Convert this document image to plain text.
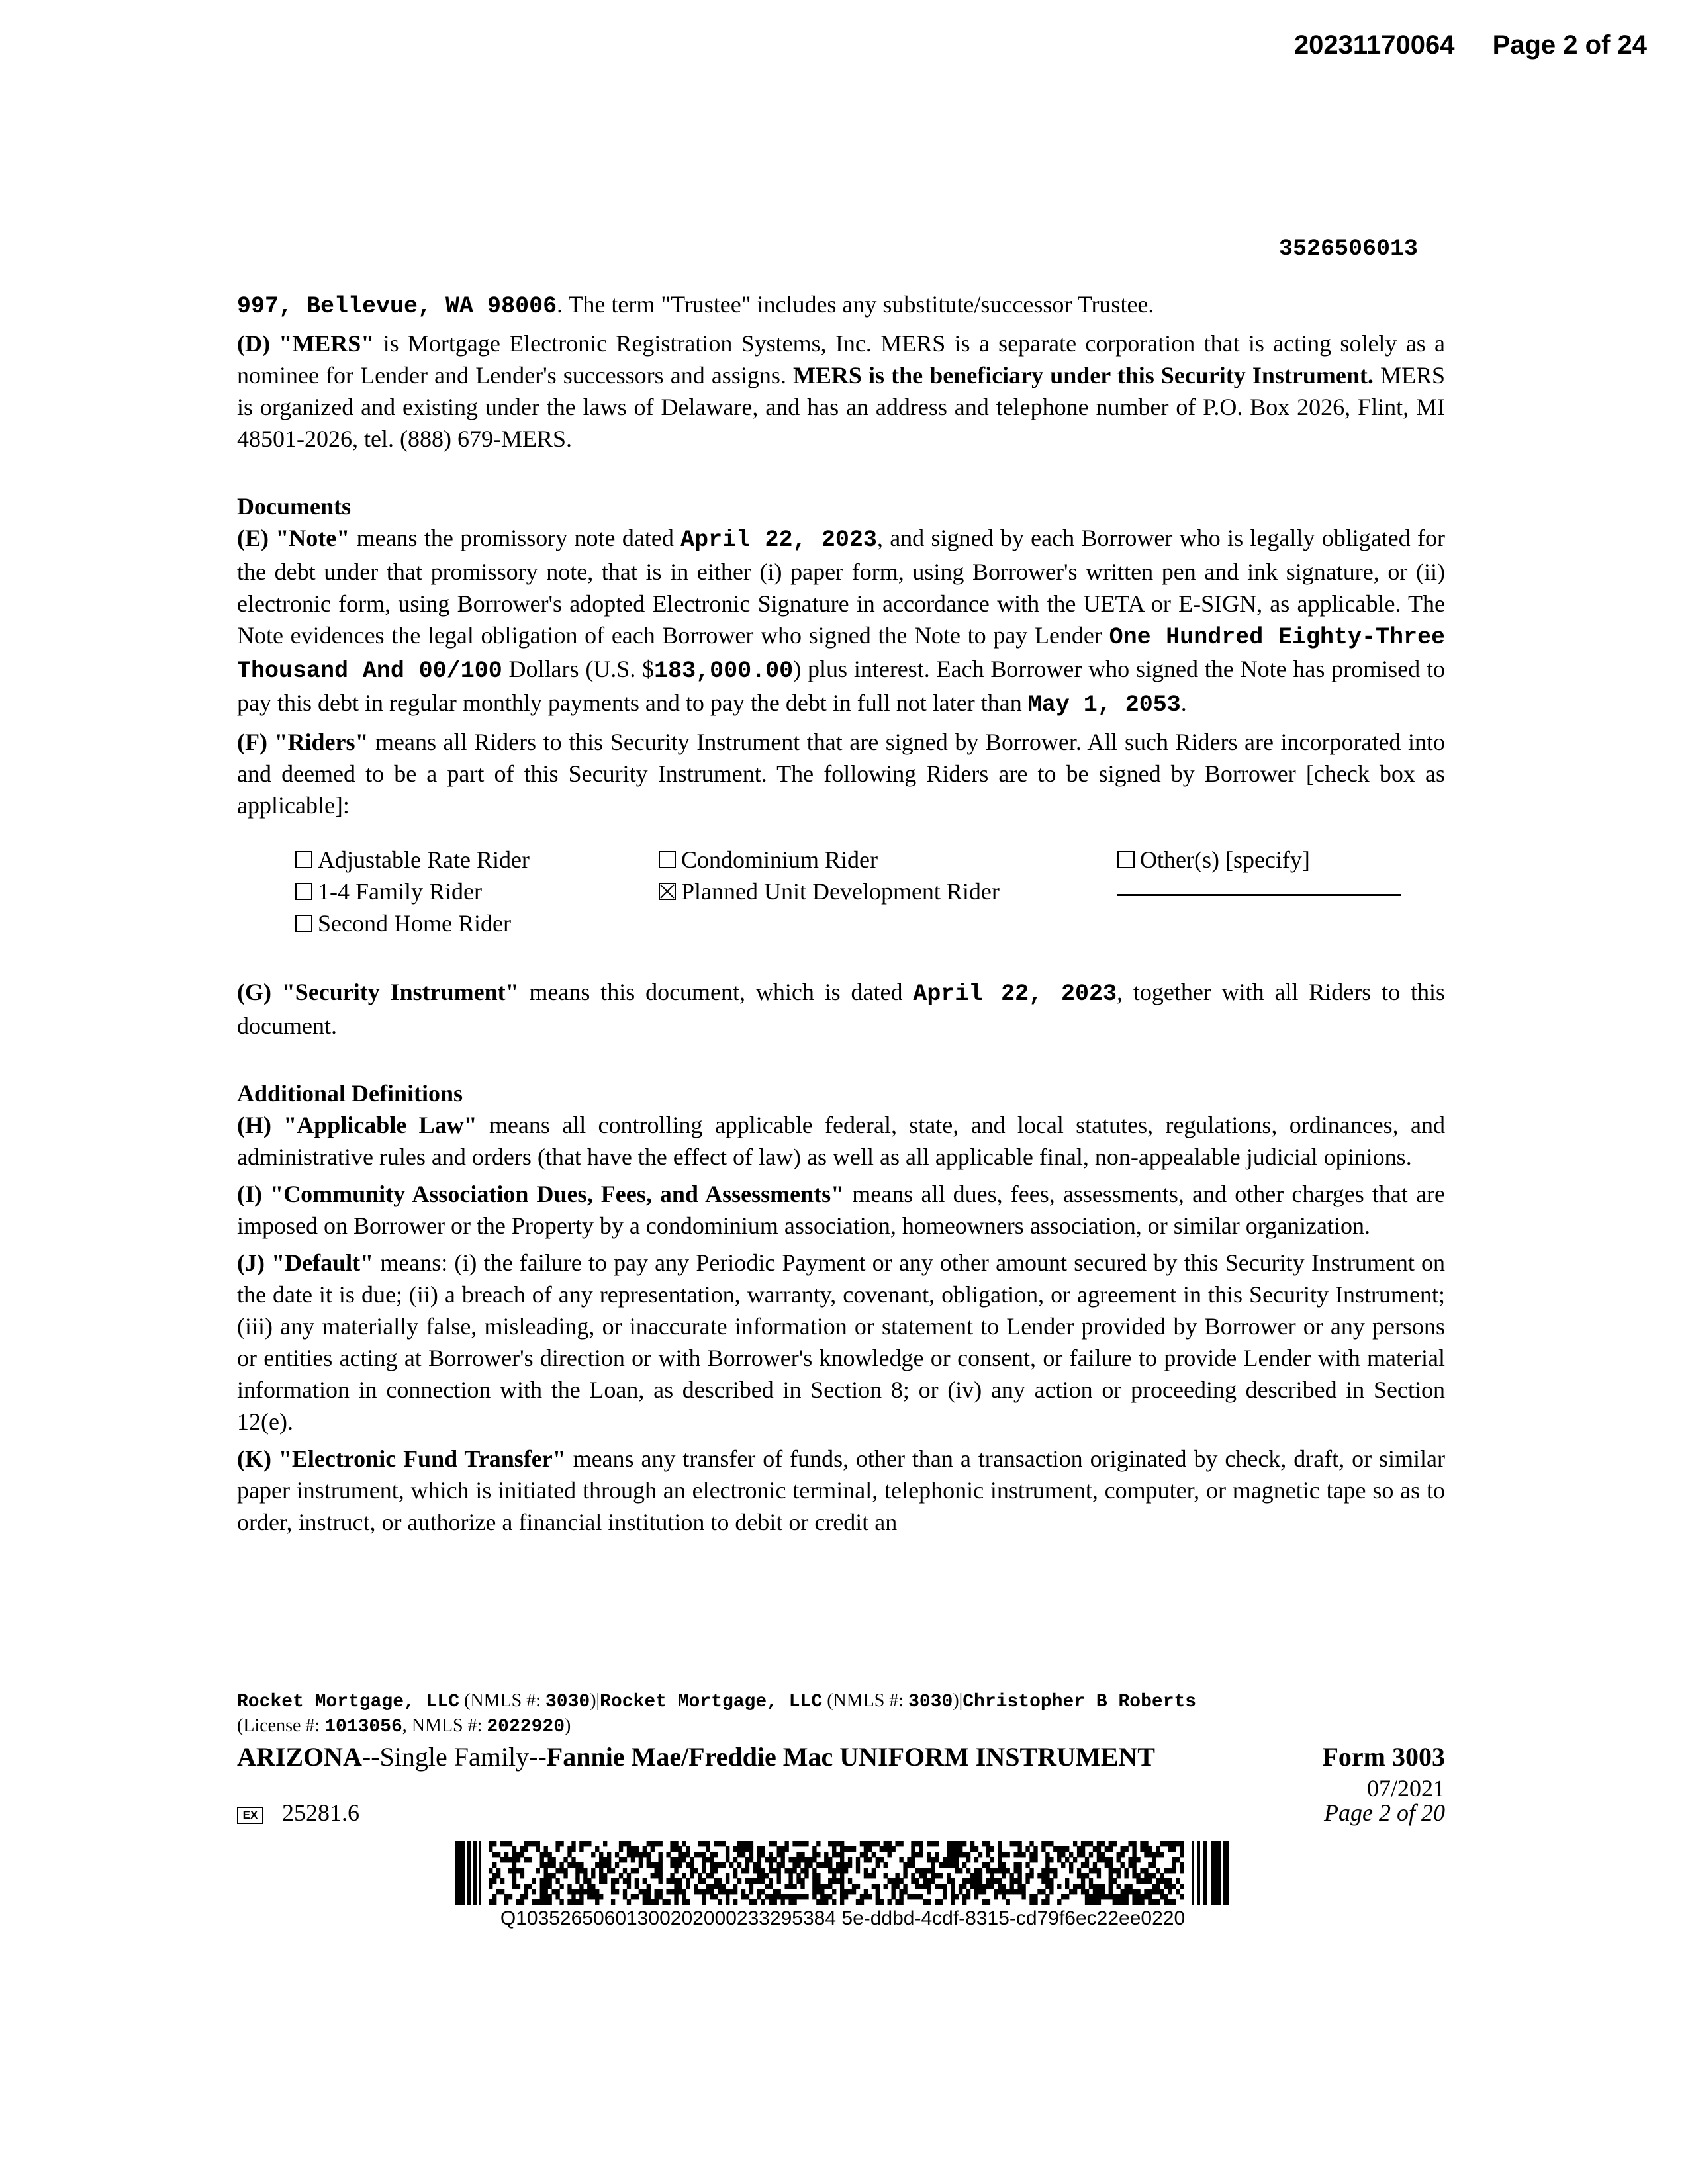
20231170064 Page 2 of 24
3526506013

997, Bellevue, WA 98006. The term "Trustee" includes any substitute/successor Trustee.

(D) "MERS" is Mortgage Electronic Registration Systems, Inc. MERS is a separate corporation that is acting solely as a nominee for Lender and Lender's successors and assigns. MERS is the beneficiary under this Security Instrument. MERS is organized and existing under the laws of Delaware, and has an address and telephone number of P.O. Box 2026, Flint, MI 48501-2026, tel. (888) 679-MERS.

Documents

(E) "Note" means the promissory note dated April 22, 2023, and signed by each Borrower who is legally obligated for the debt under that promissory note, that is in either (i) paper form, using Borrower's written pen and ink signature, or (ii) electronic form, using Borrower's adopted Electronic Signature in accordance with the UETA or E-SIGN, as applicable. The Note evidences the legal obligation of each Borrower who signed the Note to pay Lender One Hundred Eighty-Three Thousand And 00/100 Dollars (U.S. $183,000.00) plus interest. Each Borrower who signed the Note has promised to pay this debt in regular monthly payments and to pay the debt in full not later than May 1, 2053.

(F) "Riders" means all Riders to this Security Instrument that are signed by Borrower. All such Riders are incorporated into and deemed to be a part of this Security Instrument. The following Riders are to be signed by Borrower [check box as applicable]:

Adjustable Rate Rider
1-4 Family Rider
Second Home Rider
Condominium Rider
Planned Unit Development Rider
Other(s) [specify]

(G) "Security Instrument" means this document, which is dated April 22, 2023, together with all Riders to this document.

Additional Definitions

(H) "Applicable Law" means all controlling applicable federal, state, and local statutes, regulations, ordinances, and administrative rules and orders (that have the effect of law) as well as all applicable final, non-appealable judicial opinions.

(I) "Community Association Dues, Fees, and Assessments" means all dues, fees, assessments, and other charges that are imposed on Borrower or the Property by a condominium association, homeowners association, or similar organization.

(J) "Default" means: (i) the failure to pay any Periodic Payment or any other amount secured by this Security Instrument on the date it is due; (ii) a breach of any representation, warranty, covenant, obligation, or agreement in this Security Instrument; (iii) any materially false, misleading, or inaccurate information or statement to Lender provided by Borrower or any persons or entities acting at Borrower's direction or with Borrower's knowledge or consent, or failure to provide Lender with material information in connection with the Loan, as described in Section 8; or (iv) any action or proceeding described in Section 12(e).

(K) "Electronic Fund Transfer" means any transfer of funds, other than a transaction originated by check, draft, or similar paper instrument, which is initiated through an electronic terminal, telephonic instrument, computer, or magnetic tape so as to order, instruct, or authorize a financial institution to debit or credit an

Rocket Mortgage, LLC (NMLS #: 3030)|Rocket Mortgage, LLC (NMLS #: 3030)|Christopher B Roberts
(License #: 1013056, NMLS #: 2022920)
ARIZONA--Single Family--Fannie Mae/Freddie Mac UNIFORM INSTRUMENT	Form 3003
07/2021
EX 25281.6	Page 2 of 20
Q10352650601300202000233295384 5e-ddbd-4cdf-8315-cd79f6ec22ee0220
